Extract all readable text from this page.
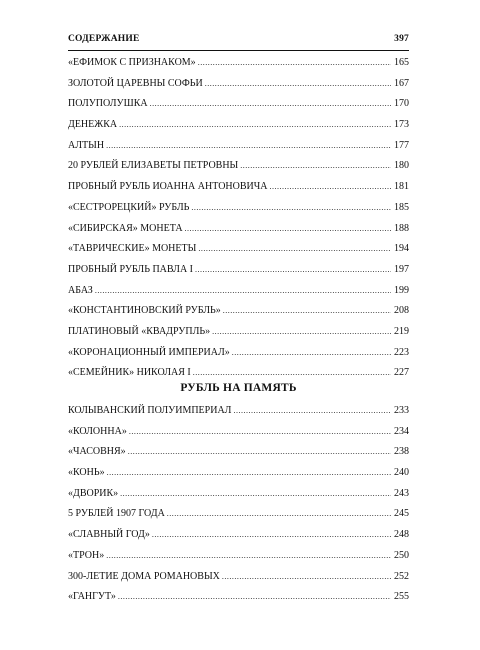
СОДЕРЖАНИЕ	397
«ЕФИМОК С ПРИЗНАКОМ» .....	165
ЗОЛОТОЙ ЦАРЕВНЫ СОФЬИ .....	167
ПОЛУПОЛУШКА .....	170
ДЕНЕЖКА .....	173
АЛТЫН .....	177
20 РУБЛЕЙ ЕЛИЗАВЕТЫ ПЕТРОВНЫ .....	180
ПРОБНЫЙ РУБЛЬ ИОАННА АНТОНОВИЧА .....	181
«СЕСТРОРЕЦКИЙ» РУБЛЬ .....	185
«СИБИРСКАЯ» МОНЕТА .....	188
«ТАВРИЧЕСКИЕ» МОНЕТЫ .....	194
ПРОБНЫЙ РУБЛЬ ПАВЛА I .....	197
АБАЗ .....	199
«КОНСТАНТИНОВСКИЙ РУБЛЬ» .....	208
ПЛАТИНОВЫЙ «КВАДРУПЛЬ» .....	219
«КОРОНАЦИОННЫЙ ИМПЕРИАЛ» .....	223
«СЕМЕЙНИК» НИКОЛАЯ I .....	227
РУБЛЬ НА ПАМЯТЬ
КОЛЫВАНСКИЙ ПОЛУИМПЕРИАЛ .....	233
«КОЛОННА» .....	234
«ЧАСОВНЯ» .....	238
«КОНЬ» .....	240
«ДВОРИК» .....	243
5 РУБЛЕЙ 1907 ГОДА .....	245
«СЛАВНЫЙ ГОД» .....	248
«ТРОН» .....	250
300-ЛЕТИЕ ДОМА РОМАНОВЫХ .....	252
«ГАНГУТ» .....	255
